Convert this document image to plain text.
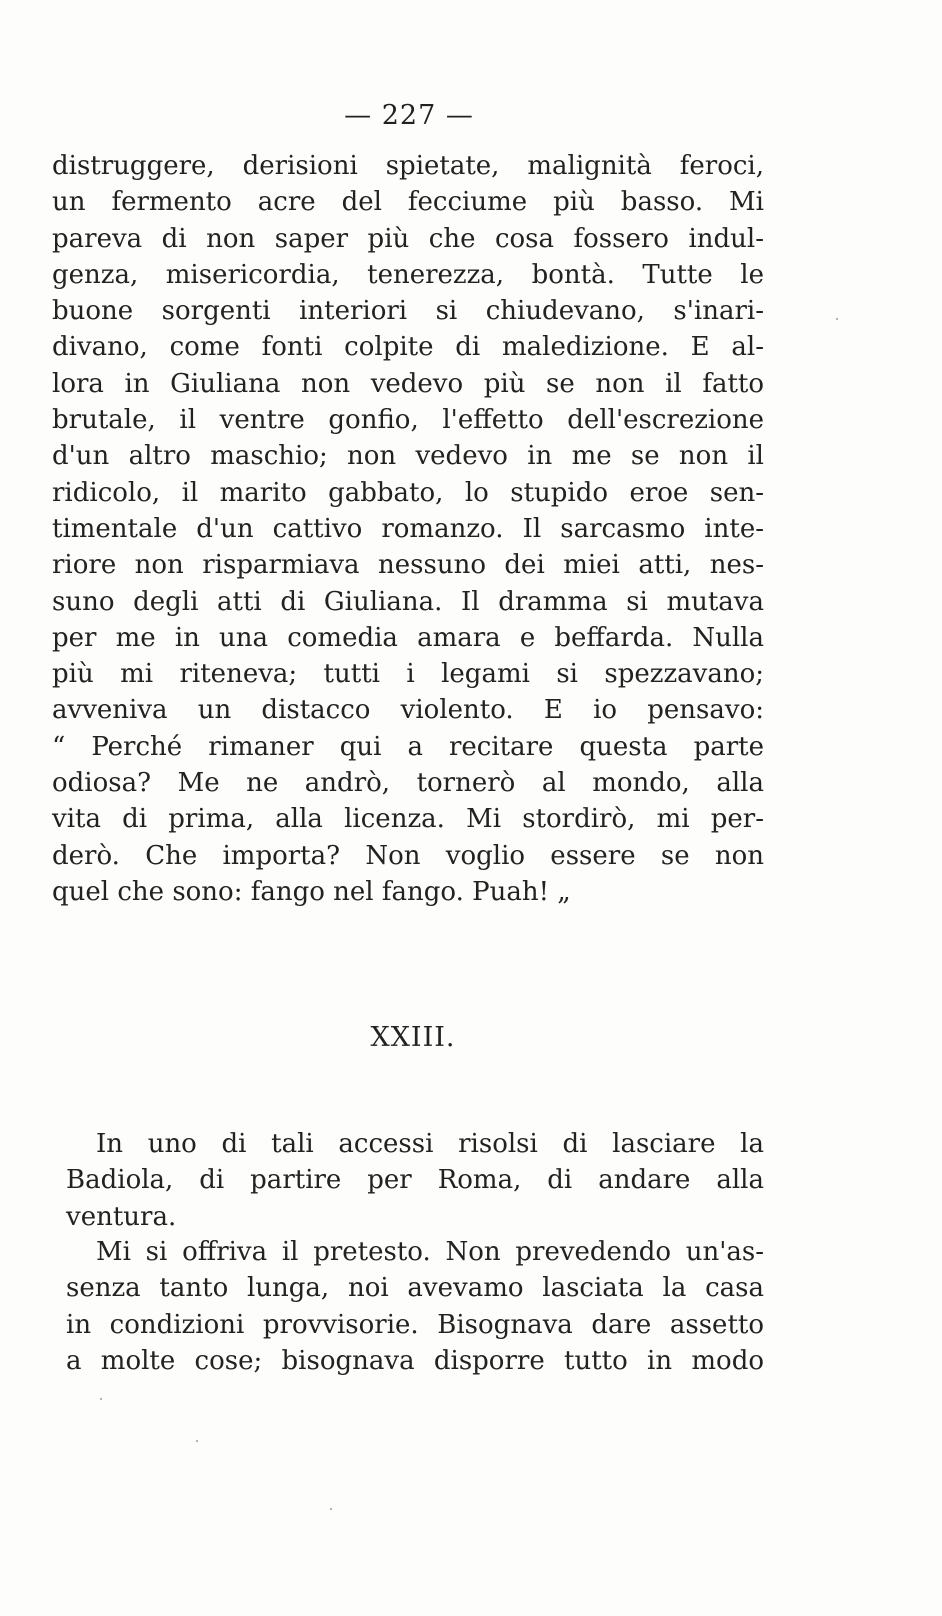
— 227 —
distruggere, derisioni spietate, malignità feroci,
un fermento acre del fecciume più basso. Mi
pareva di non saper più che cosa fossero indul-
genza, misericordia, tenerezza, bontà. Tutte le
buone sorgenti interiori si chiudevano, s'inari-
divano, come fonti colpite di maledizione. E al-
lora in Giuliana non vedevo più se non il fatto
brutale, il ventre gonfio, l'effetto dell'escrezione
d'un altro maschio; non vedevo in me se non il
ridicolo, il marito gabbato, lo stupido eroe sen-
timentale d'un cattivo romanzo. Il sarcasmo inte-
riore non risparmiava nessuno dei miei atti, nes-
suno degli atti di Giuliana. Il dramma si mutava
per me in una comedia amara e beffarda. Nulla
più mi riteneva; tutti i legami si spezzavano;
avveniva un distacco violento. E io pensavo:
“ Perché rimaner qui a recitare questa parte
odiosa? Me ne andrò, tornerò al mondo, alla
vita di prima, alla licenza. Mi stordirò, mi per-
derò. Che importa? Non voglio essere se non
quel che sono: fango nel fango. Puah! „
XXIII.
In uno di tali accessi risolsi di lasciare la
Badiola, di partire per Roma, di andare alla
ventura.
Mi si offriva il pretesto. Non prevedendo un'as-
senza tanto lunga, noi avevamo lasciata la casa
in condizioni provvisorie. Bisognava dare assetto
a molte cose; bisognava disporre tutto in modo
